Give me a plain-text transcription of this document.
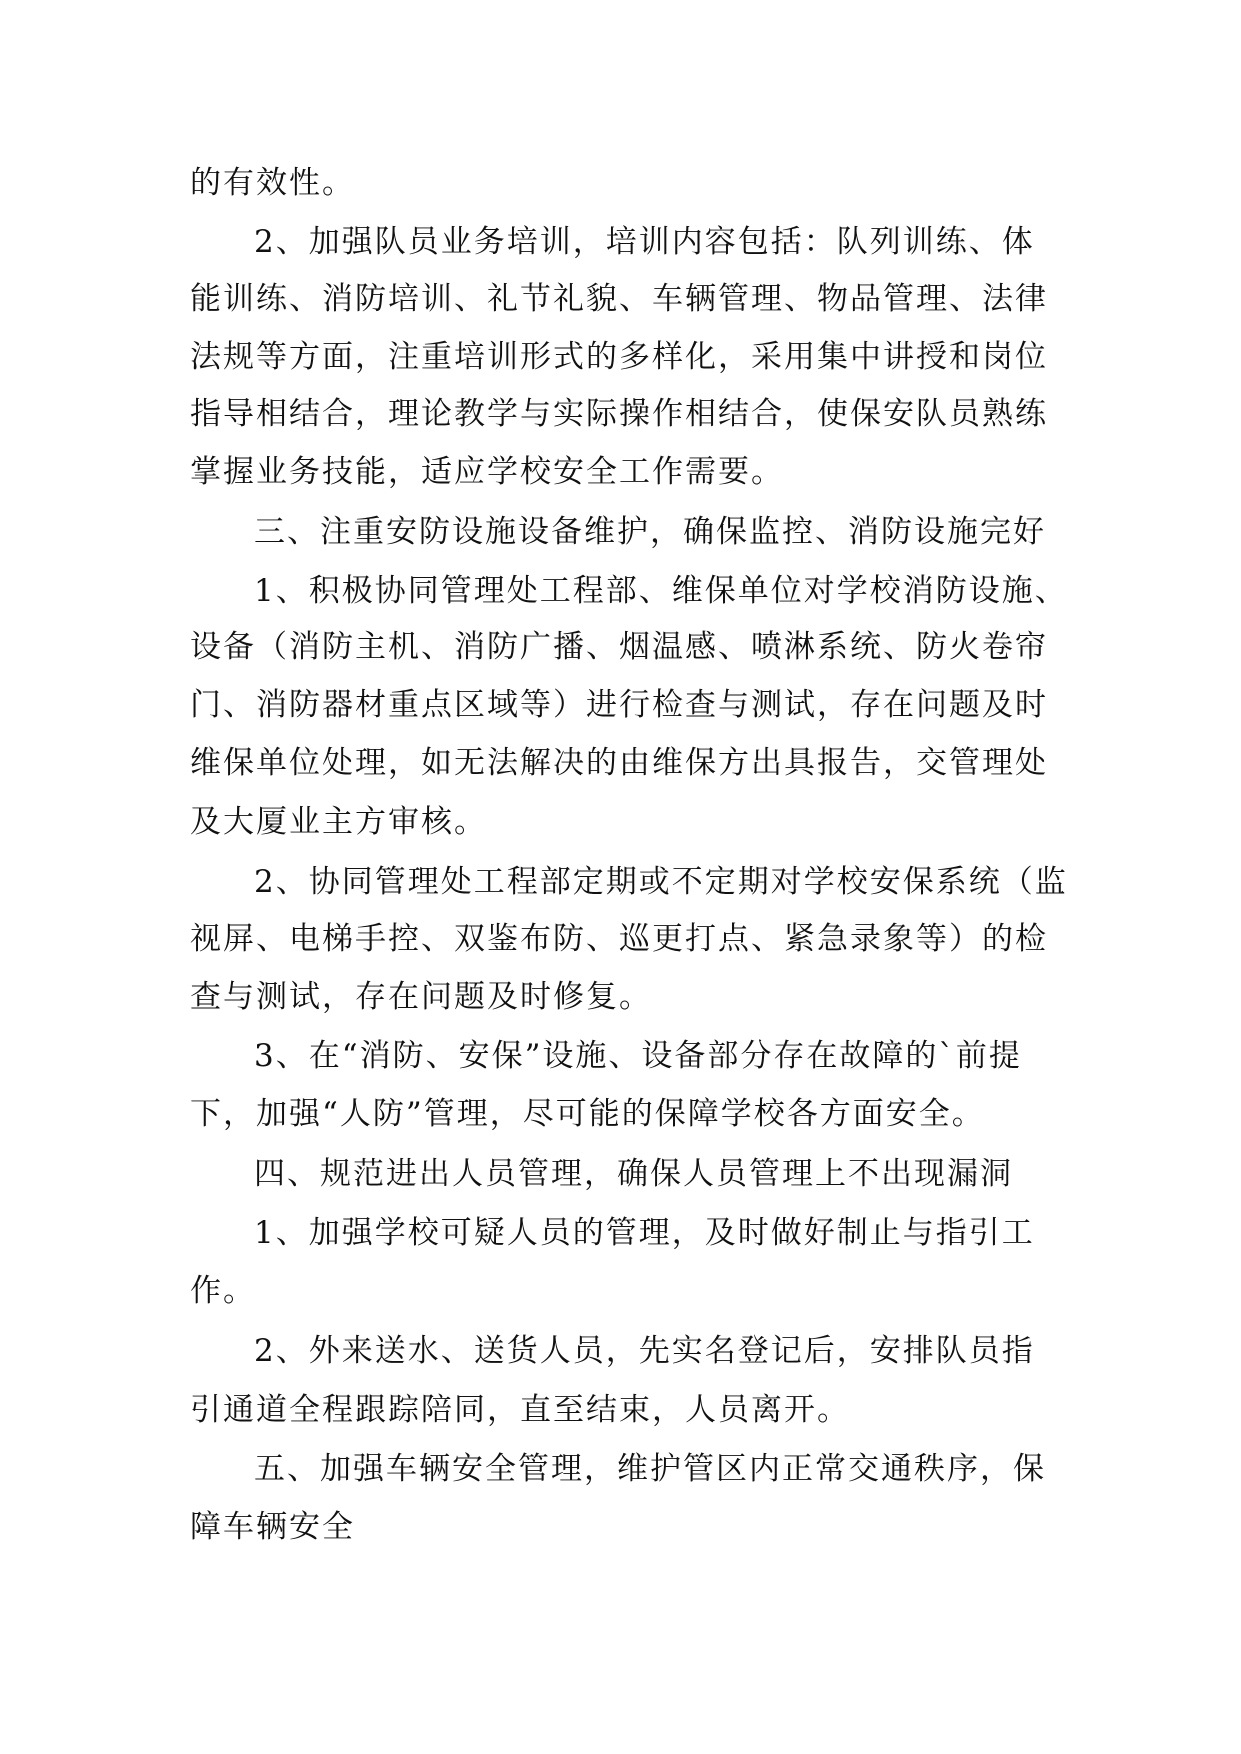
的有效性。
2、加强队员业务培训，培训内容包括：队列训练、体
能训练、消防培训、礼节礼貌、车辆管理、物品管理、法律
法规等方面，注重培训形式的多样化，采用集中讲授和岗位
指导相结合，理论教学与实际操作相结合，使保安队员熟练
掌握业务技能，适应学校安全工作需要。
三、注重安防设施设备维护，确保监控、消防设施完好
1、积极协同管理处工程部、维保单位对学校消防设施、
设备（消防主机、消防广播、烟温感、喷淋系统、防火卷帘
门、消防器材重点区域等）进行检查与测试，存在问题及时
维保单位处理，如无法解决的由维保方出具报告，交管理处
及大厦业主方审核。
2、协同管理处工程部定期或不定期对学校安保系统（监
视屏、电梯手控、双鉴布防、巡更打点、紧急录象等）的检
查与测试，存在问题及时修复。
3、在“消防、安保”设施、设备部分存在故障的`前提
下，加强“人防”管理，尽可能的保障学校各方面安全。
四、规范进出人员管理，确保人员管理上不出现漏洞
1、加强学校可疑人员的管理，及时做好制止与指引工
作。
2、外来送水、送货人员，先实名登记后，安排队员指
引通道全程跟踪陪同，直至结束，人员离开。
五、加强车辆安全管理，维护管区内正常交通秩序，保
障车辆安全
